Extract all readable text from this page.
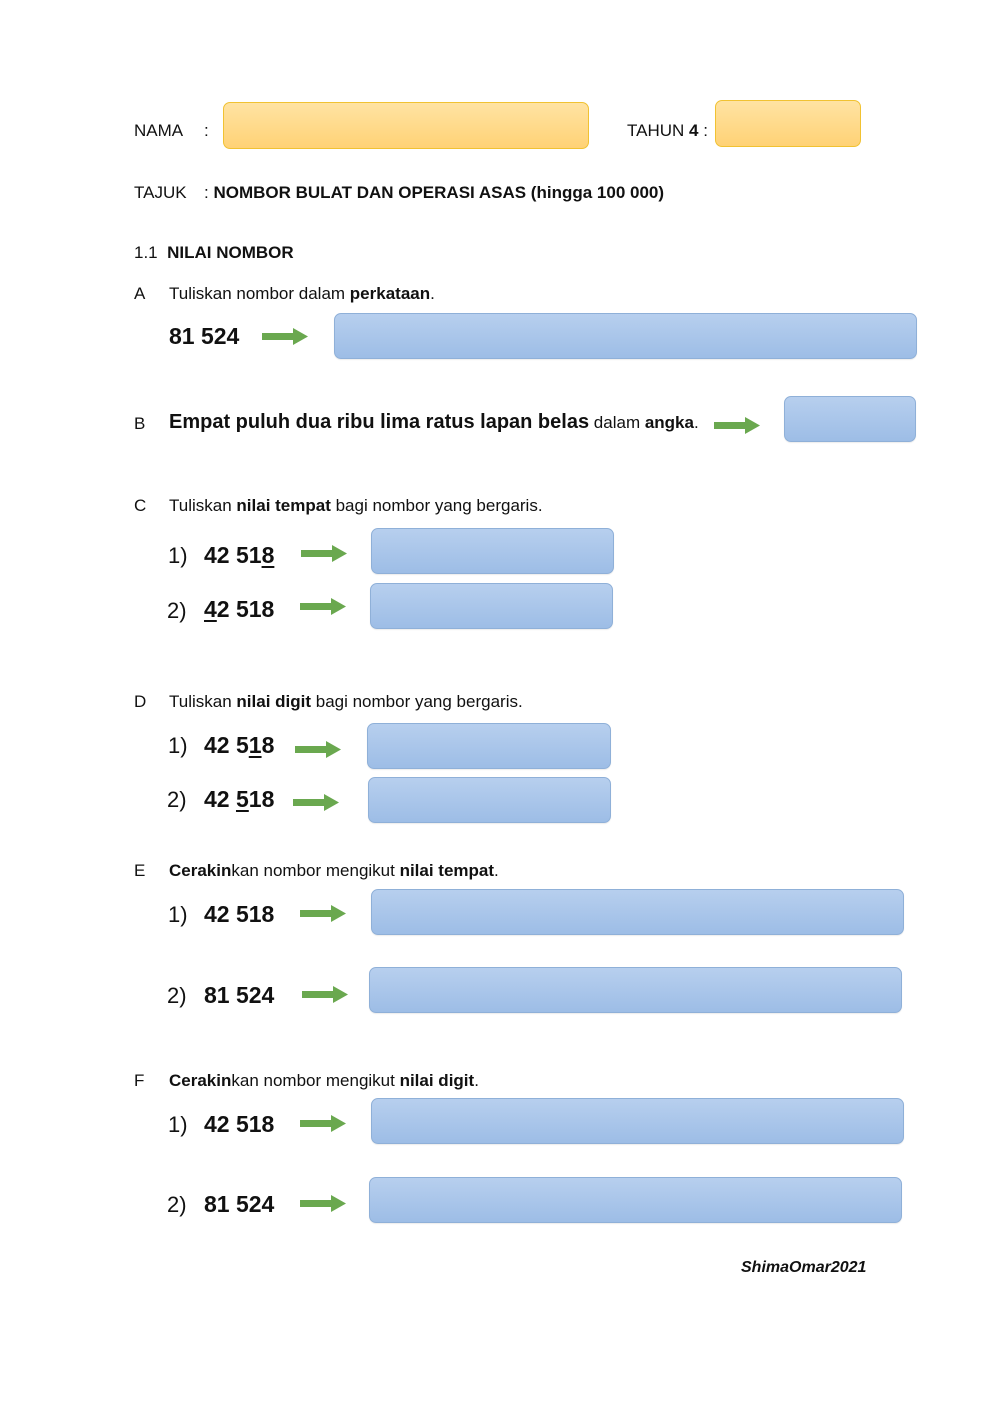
NAMA :	TAHUN 4 :
TAJUK : NOMBOR BULAT DAN OPERASI ASAS (hingga 100 000)
1.1 NILAI NOMBOR
A Tuliskan nombor dalam perkataan.
81 524
B Empat puluh dua ribu lima ratus lapan belas dalam angka.
C Tuliskan nilai tempat bagi nombor yang bergaris.
1) 42 518
2) 42 518
D Tuliskan nilai digit bagi nombor yang bergaris.
1) 42 518
2) 42 518
E Cerakinkan nombor mengikut nilai tempat.
1) 42 518
2) 81 524
F Cerakinkan nombor mengikut nilai digit.
1) 42 518
2) 81 524
ShimaOmar2021
